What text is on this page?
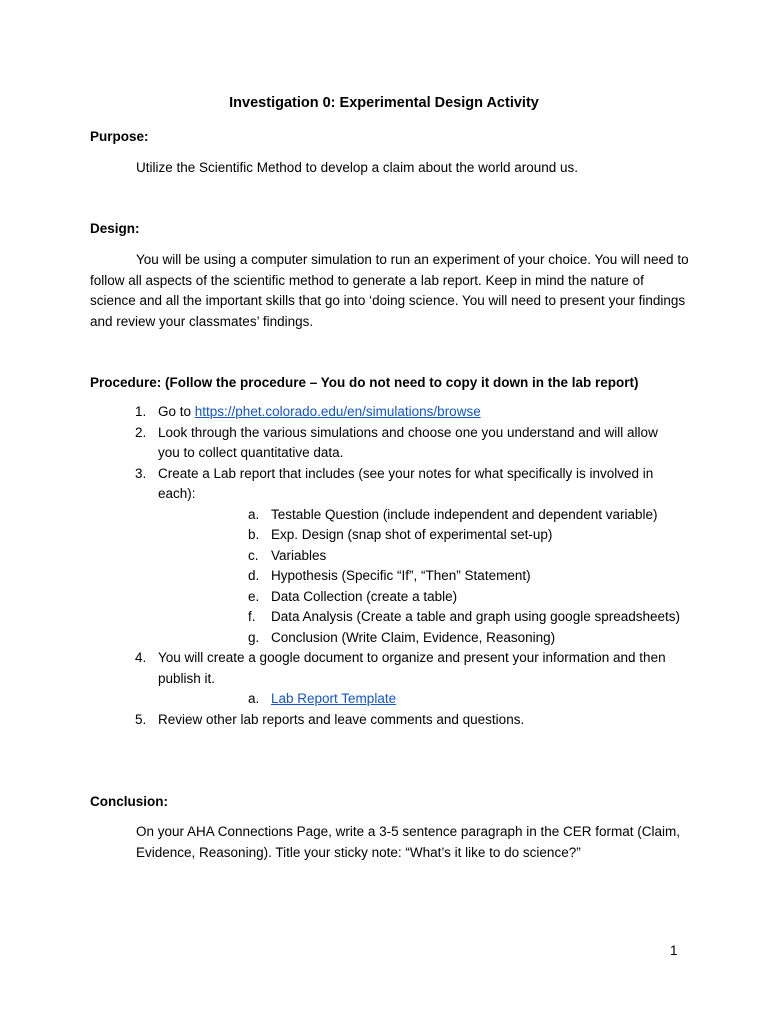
Investigation 0: Experimental Design Activity
Purpose:
Utilize the Scientific Method to develop a claim about the world around us.
Design:
You will be using a computer simulation to run an experiment of your choice. You will need to follow all aspects of the scientific method to generate a lab report. Keep in mind the nature of science and all the important skills that go into ‘doing science. You will need to present your findings and review your classmates’ findings.
Procedure: (Follow the procedure – You do not need to copy it down in the lab report)
1. Go to https://phet.colorado.edu/en/simulations/browse
2. Look through the various simulations and choose one you understand and will allow you to collect quantitative data.
3. Create a Lab report that includes (see your notes for what specifically is involved in each):
a. Testable Question (include independent and dependent variable)
b. Exp. Design (snap shot of experimental set-up)
c. Variables
d. Hypothesis (Specific “If”, “Then” Statement)
e. Data Collection (create a table)
f. Data Analysis (Create a table and graph using google spreadsheets)
g. Conclusion (Write Claim, Evidence, Reasoning)
4. You will create a google document to organize and present your information and then publish it.
a. Lab Report Template
5. Review other lab reports and leave comments and questions.
Conclusion:
On your AHA Connections Page, write a 3-5 sentence paragraph in the CER format (Claim, Evidence, Reasoning). Title your sticky note: “What’s it like to do science?”
1
